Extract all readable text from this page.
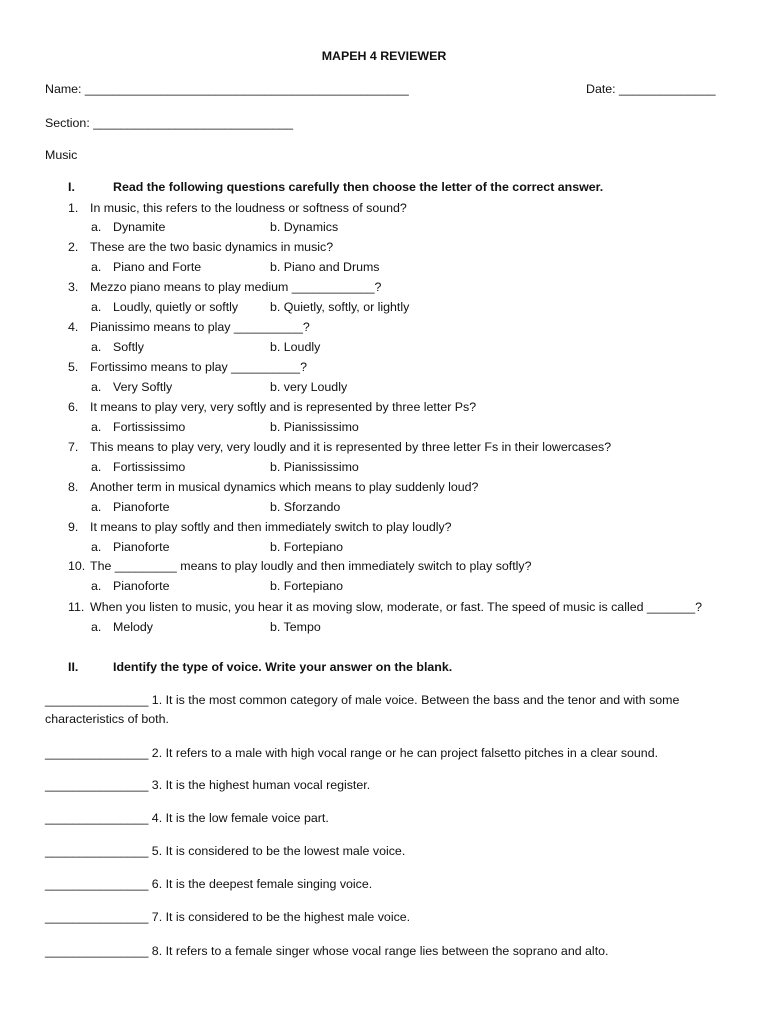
MAPEH 4 REVIEWER
Name: _______________________________________________	Date: ______________
Section: _____________________________
Music
I.	Read the following questions carefully then choose the letter of the correct answer.
1. In music, this refers to the loudness or softness of sound?
a. Dynamite	b. Dynamics
2. These are the two basic dynamics in music?
a. Piano and Forte	b. Piano and Drums
3. Mezzo piano means to play medium ____________?
a. Loudly, quietly or softly	b. Quietly, softly, or lightly
4. Pianissimo means to play __________?
a. Softly	b. Loudly
5. Fortissimo means to play __________?
a. Very Softly	b. very Loudly
6. It means to play very, very softly and is represented by three letter Ps?
a. Fortississimo	b. Pianississimo
7. This means to play very, very loudly and it is represented by three letter Fs in their lowercases?
a. Fortississimo	b. Pianississimo
8. Another term in musical dynamics which means to play suddenly loud?
a. Pianoforte	b. Sforzando
9. It means to play softly and then immediately switch to play loudly?
a. Pianoforte	b. Fortepiano
10. The _________ means to play loudly and then immediately switch to play softly?
a. Pianoforte	b. Fortepiano
11. When you listen to music, you hear it as moving slow, moderate, or fast. The speed of music is called _______?
a. Melody	b. Tempo
II.	Identify the type of voice. Write your answer on the blank.
_______________ 1. It is the most common category of male voice. Between the bass and the tenor and with some
characteristics of both.
_______________ 2. It refers to a male with high vocal range or he can project falsetto pitches in a clear sound.
_______________ 3. It is the highest human vocal register.
_______________ 4. It is the low female voice part.
_______________ 5. It is considered to be the lowest male voice.
_______________ 6. It is the deepest female singing voice.
_______________ 7. It is considered to be the highest male voice.
_______________ 8. It refers to a female singer whose vocal range lies between the soprano and alto.
